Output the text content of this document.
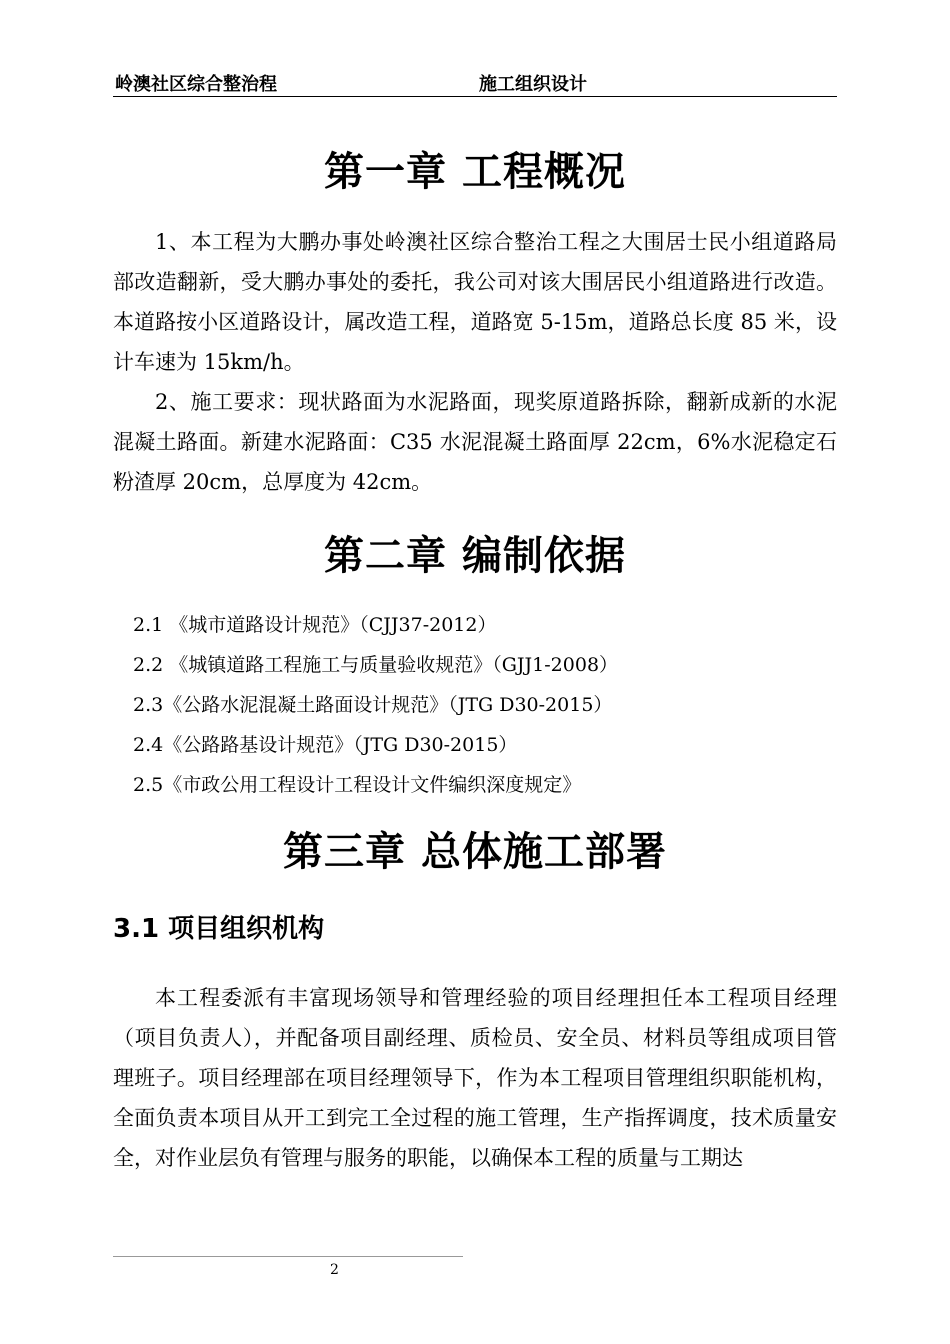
岭澳社区综合整治程	施工组织设计
第一章 工程概况
1、本工程为大鹏办事处岭澳社区综合整治工程之大围居士民小组道路局部改造翻新，受大鹏办事处的委托，我公司对该大围居民小组道路进行改造。本道路按小区道路设计，属改造工程，道路宽 5-15m，道路总长度 85 米，设计车速为 15km/h。
2、施工要求：现状路面为水泥路面，现奖原道路拆除，翻新成新的水泥混凝土路面。新建水泥路面：C35 水泥混凝土路面厚 22cm，6%水泥稳定石粉渣厚 20cm，总厚度为 42cm。
第二章 编制依据
2.1 《城市道路设计规范》（CJJ37-2012）
2.2 《城镇道路工程施工与质量验收规范》（GJJ1-2008）
2.3《公路水泥混凝土路面设计规范》（JTG D30-2015）
2.4《公路路基设计规范》（JTG D30-2015）
2.5《市政公用工程设计工程设计文件编织深度规定》
第三章 总体施工部署
3.1 项目组织机构
本工程委派有丰富现场领导和管理经验的项目经理担任本工程项目经理（项目负责人），并配备项目副经理、质检员、安全员、材料员等组成项目管理班子。项目经理部在项目经理领导下，作为本工程项目管理组织职能机构，全面负责本项目从开工到完工全过程的施工管理，生产指挥调度，技术质量安全，对作业层负有管理与服务的职能，以确保本工程的质量与工期达
2
